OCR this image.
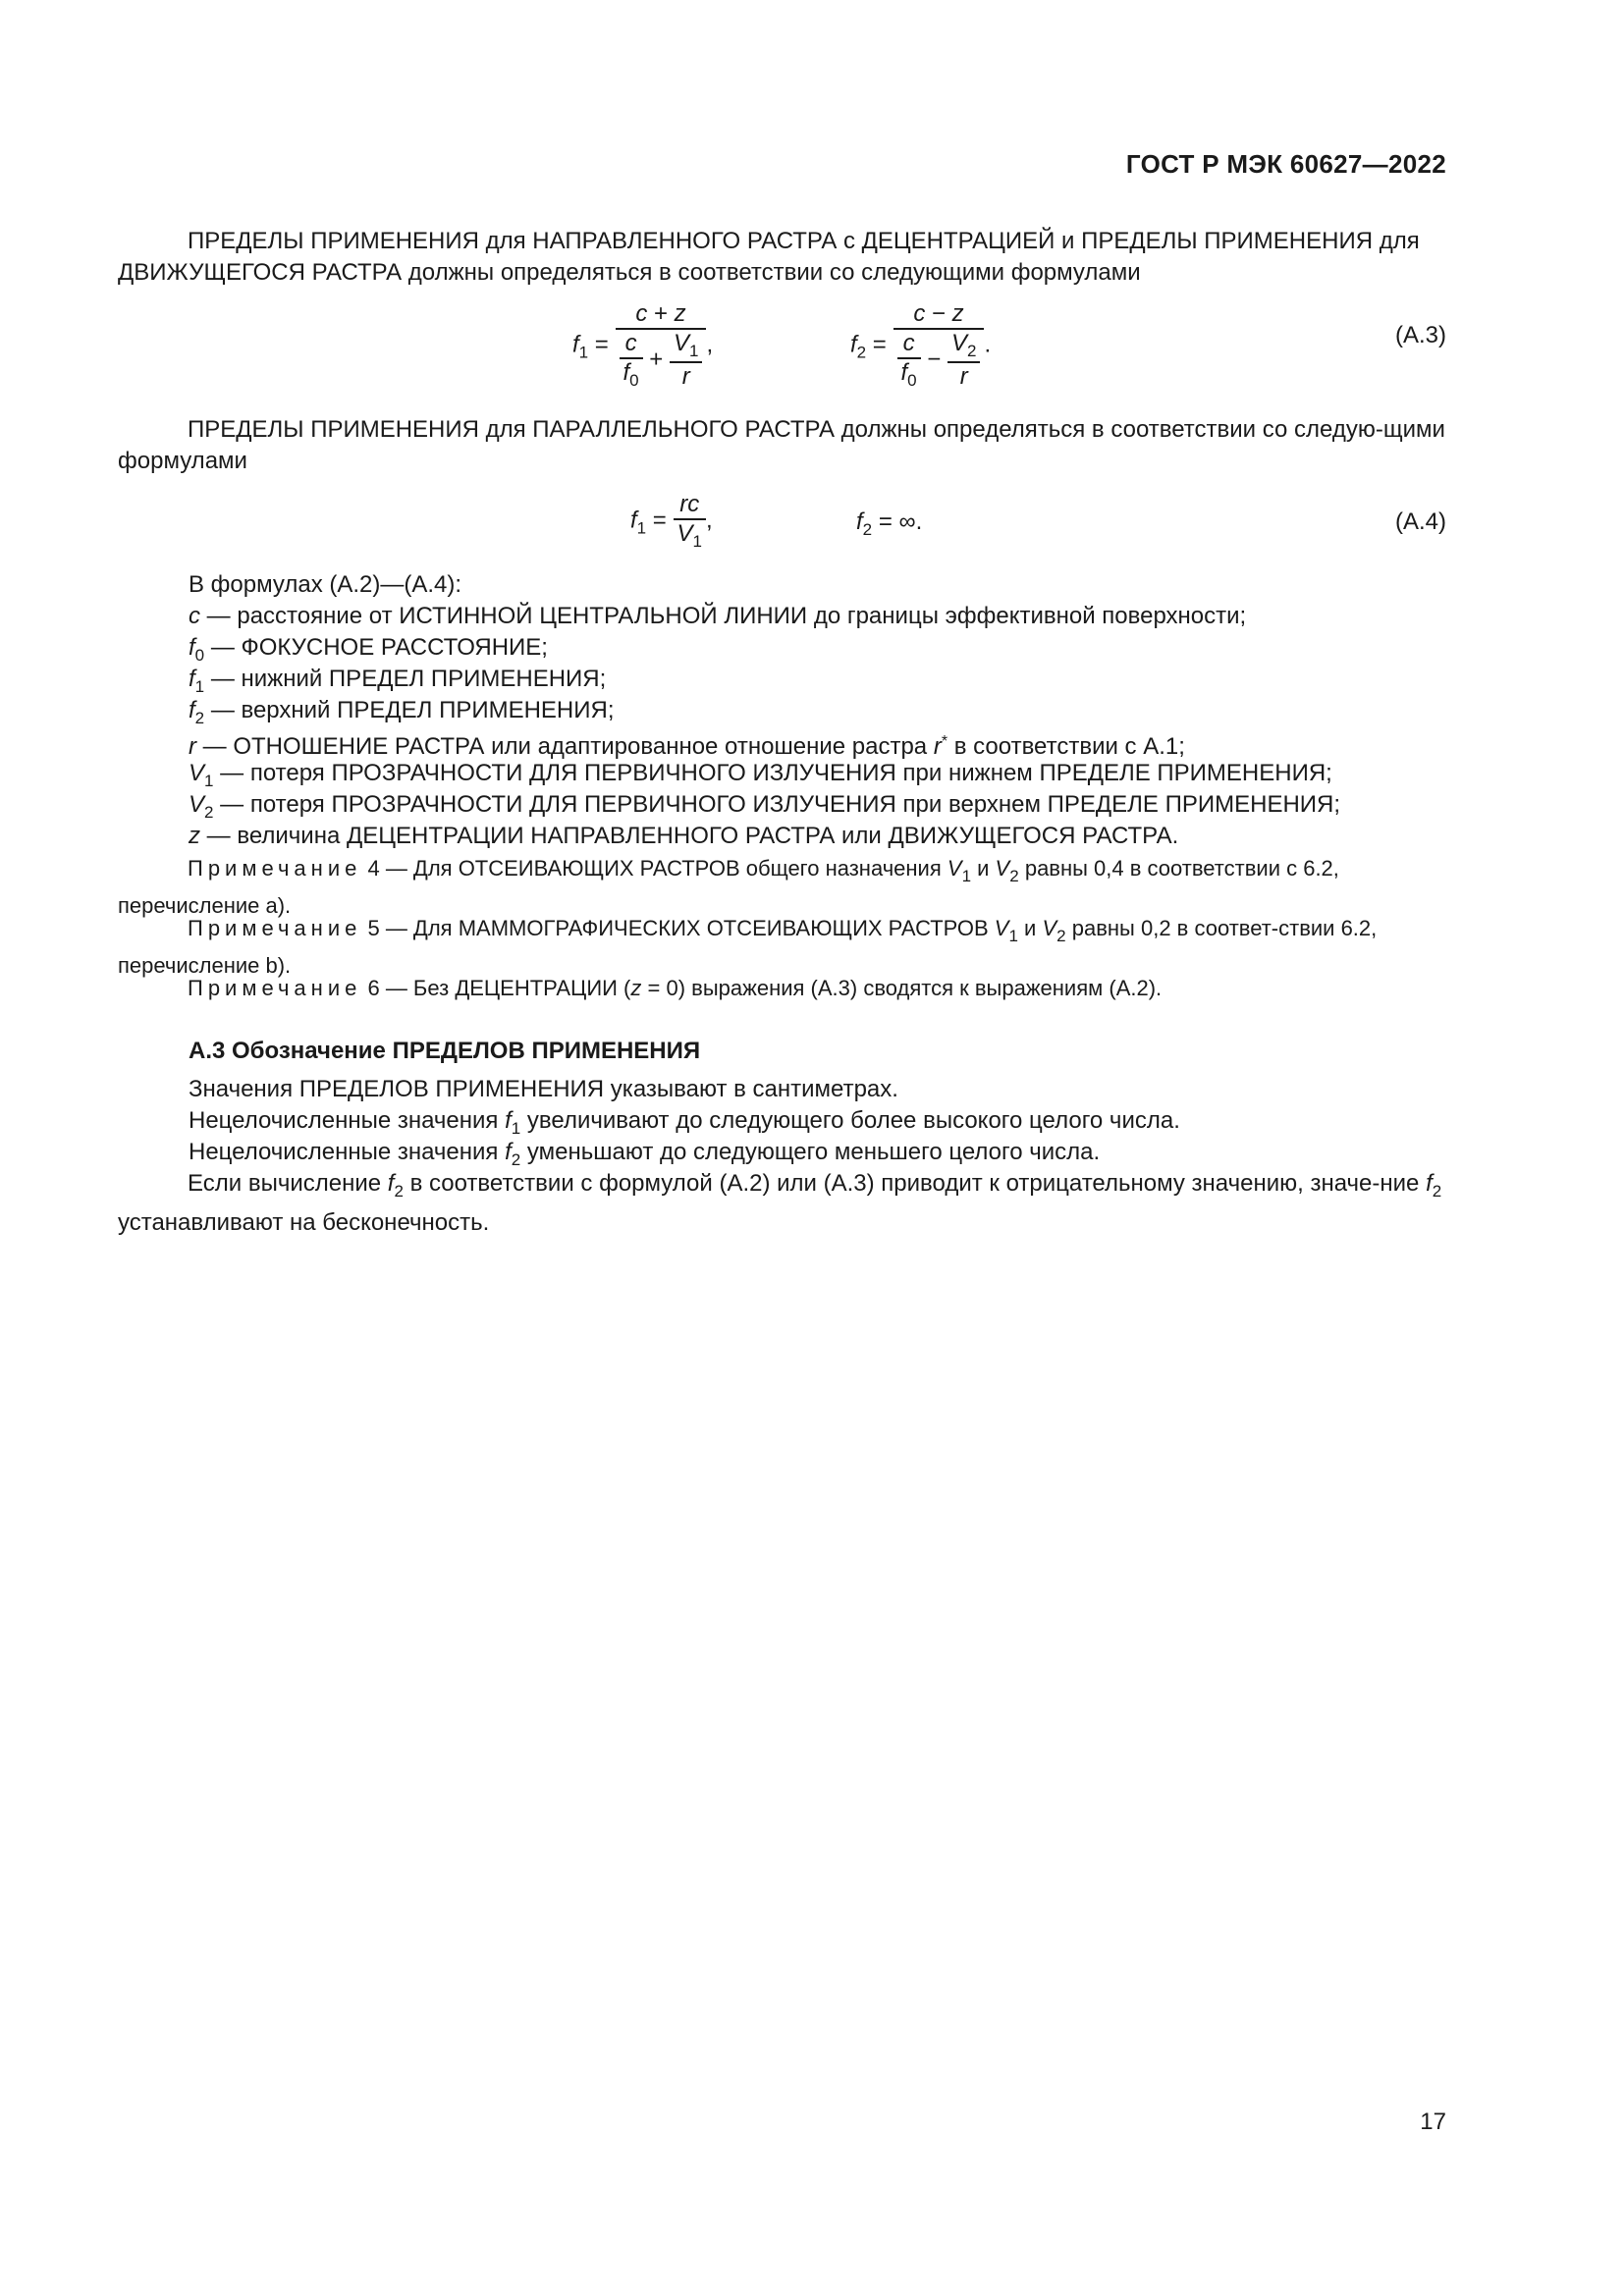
ГОСТ Р МЭК 60627—2022

ПРЕДЕЛЫ ПРИМЕНЕНИЯ для НАПРАВЛЕННОГО РАСТРА с ДЕЦЕНТРАЦИЕЙ и ПРЕДЕЛЫ ПРИМЕНЕНИЯ для ДВИЖУЩЕГОСЯ РАСТРА должны определяться в соответствии со следующими формулами

$f_1 = \frac{c + z}{\frac{c}{f_0} + \frac{V_1}{r}}$ ,	$f_2 = \frac{c - z}{\frac{c}{f_0} - \frac{V_2}{r}}$ .	(A.3)

ПРЕДЕЛЫ ПРИМЕНЕНИЯ для ПАРАЛЛЕЛЬНОГО РАСТРА должны определяться в соответствии со следую-щими формулами

$f_1 = \frac{rc}{V_1}$ ,	$f_2$ = ∞.	(A.4)
В формулах (А.2)—(А.4):
c — расстояние от ИСТИННОЙ ЦЕНТРАЛЬНОЙ ЛИНИИ до границы эффективной поверхности;
$f_0$ — ФОКУСНОЕ РАССТОЯНИЕ;
$f_1$ — нижний ПРЕДЕЛ ПРИМЕНЕНИЯ;
$f_2$ — верхний ПРЕДЕЛ ПРИМЕНЕНИЯ;
r — ОТНОШЕНИЕ РАСТРА или адаптированное отношение растра r* в соответствии с А.1;
$V_1$ — потеря ПРОЗРАЧНОСТИ ДЛЯ ПЕРВИЧНОГО ИЗЛУЧЕНИЯ при нижнем ПРЕДЕЛЕ ПРИМЕНЕНИЯ;
$V_2$ — потеря ПРОЗРАЧНОСТИ ДЛЯ ПЕРВИЧНОГО ИЗЛУЧЕНИЯ при верхнем ПРЕДЕЛЕ ПРИМЕНЕНИЯ;
z — величина ДЕЦЕНТРАЦИИ НАПРАВЛЕННОГО РАСТРА или ДВИЖУЩЕГОСЯ РАСТРА.

Примечание 4 — Для ОТСЕИВАЮЩИХ РАСТРОВ общего назначения $V_1$ и $V_2$ равны 0,4 в соответствии с 6.2, перечисление а).

Примечание 5 — Для МАММОГРАФИЧЕСКИХ ОТСЕИВАЮЩИХ РАСТРОВ $V_1$ и $V_2$ равны 0,2 в соответ-ствии 6.2, перечисление b).

Примечание 6 — Без ДЕЦЕНТРАЦИИ (z = 0) выражения (А.3) сводятся к выражениям (А.2).

А.3 Обозначение ПРЕДЕЛОВ ПРИМЕНЕНИЯ
Значения ПРЕДЕЛОВ ПРИМЕНЕНИЯ указывают в сантиметрах.
Нецелочисленные значения $f_1$ увеличивают до следующего более высокого целого числа.
Нецелочисленные значения $f_2$ уменьшают до следующего меньшего целого числа.

Если вычисление $f_2$ в соответствии с формулой (А.2) или (А.3) приводит к отрицательному значению, значе-ние $f_2$ устанавливают на бесконечность.

17
